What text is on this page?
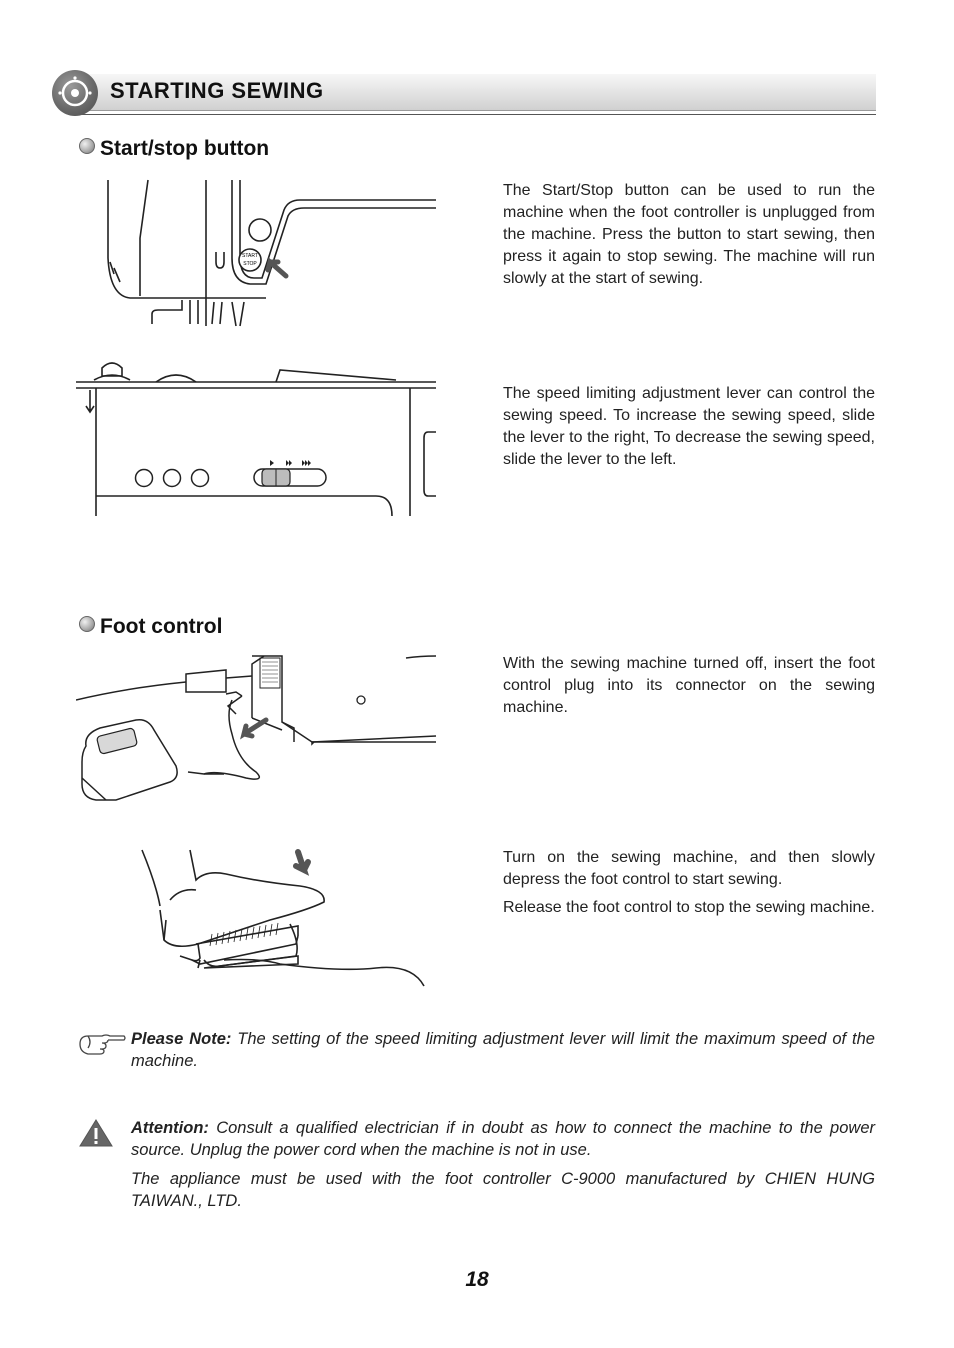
STARTING SEWING
Start/stop button
START
STOP

The Start/Stop button can be used to run the machine when the foot controller is unplugged from the machine. Press the button to start sewing, then press it again to stop sewing. The machine will run slowly at the start of sewing.

The speed limiting adjustment lever can control the sewing speed. To increase the sewing speed, slide the lever to the right, To decrease the sewing speed, slide the lever to the left.

Foot control

With the sewing machine turned off, insert the foot control plug into its connector on the sewing machine.

Turn on the sewing machine, and then slowly depress the foot control to start sewing.

Release the foot control to stop the sewing machine.

Please Note: The setting of the speed limiting adjustment lever will limit the maximum speed of the machine.

Attention: Consult a qualified electrician if in doubt as how to connect the machine to the power source. Unplug the power cord when the machine is not in use.

The appliance must be used with the foot controller C-9000 manufactured by CHIEN HUNG TAIWAN., LTD.

18
